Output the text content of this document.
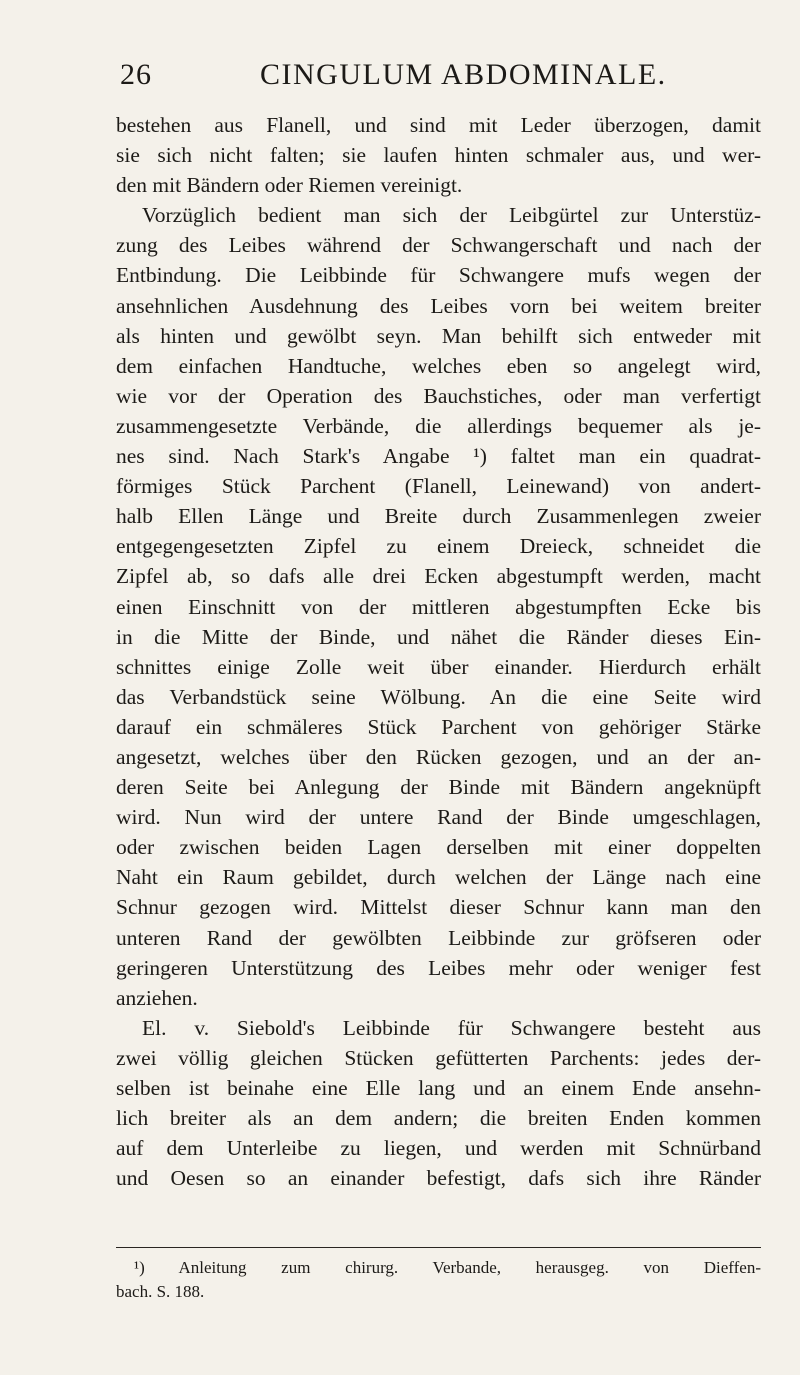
26	CINGULUM ABDOMINALE.
bestehen aus Flanell, und sind mit Leder überzogen, damit
sie sich nicht falten; sie laufen hinten schmaler aus, und wer-
den mit Bändern oder Riemen vereinigt.
Vorzüglich bedient man sich der Leibgürtel zur Unterstüz-
zung des Leibes während der Schwangerschaft und nach der
Entbindung. Die Leibbinde für Schwangere mufs wegen der
ansehnlichen Ausdehnung des Leibes vorn bei weitem breiter
als hinten und gewölbt seyn. Man behilft sich entweder mit
dem einfachen Handtuche, welches eben so angelegt wird,
wie vor der Operation des Bauchstiches, oder man verfertigt
zusammengesetzte Verbände, die allerdings bequemer als je-
nes sind. Nach Stark's Angabe ¹) faltet man ein quadrat-
förmiges Stück Parchent (Flanell, Leinewand) von andert-
halb Ellen Länge und Breite durch Zusammenlegen zweier
entgegengesetzten Zipfel zu einem Dreieck, schneidet die
Zipfel ab, so dafs alle drei Ecken abgestumpft werden, macht
einen Einschnitt von der mittleren abgestumpften Ecke bis
in die Mitte der Binde, und nähet die Ränder dieses Ein-
schnittes einige Zolle weit über einander. Hierdurch erhält
das Verbandstück seine Wölbung. An die eine Seite wird
darauf ein schmäleres Stück Parchent von gehöriger Stärke
angesetzt, welches über den Rücken gezogen, und an der an-
deren Seite bei Anlegung der Binde mit Bändern angeknüpft
wird. Nun wird der untere Rand der Binde umgeschlagen,
oder zwischen beiden Lagen derselben mit einer doppelten
Naht ein Raum gebildet, durch welchen der Länge nach eine
Schnur gezogen wird. Mittelst dieser Schnur kann man den
unteren Rand der gewölbten Leibbinde zur gröfseren oder
geringeren Unterstützung des Leibes mehr oder weniger fest
anziehen.
El. v. Siebold's Leibbinde für Schwangere besteht aus
zwei völlig gleichen Stücken gefütterten Parchents: jedes der-
selben ist beinahe eine Elle lang und an einem Ende ansehn-
lich breiter als an dem andern; die breiten Enden kommen
auf dem Unterleibe zu liegen, und werden mit Schnürband
und Oesen so an einander befestigt, dafs sich ihre Ränder
¹) Anleitung zum chirurg. Verbande, herausgeg. von Dieffen-
bach. S. 188.
